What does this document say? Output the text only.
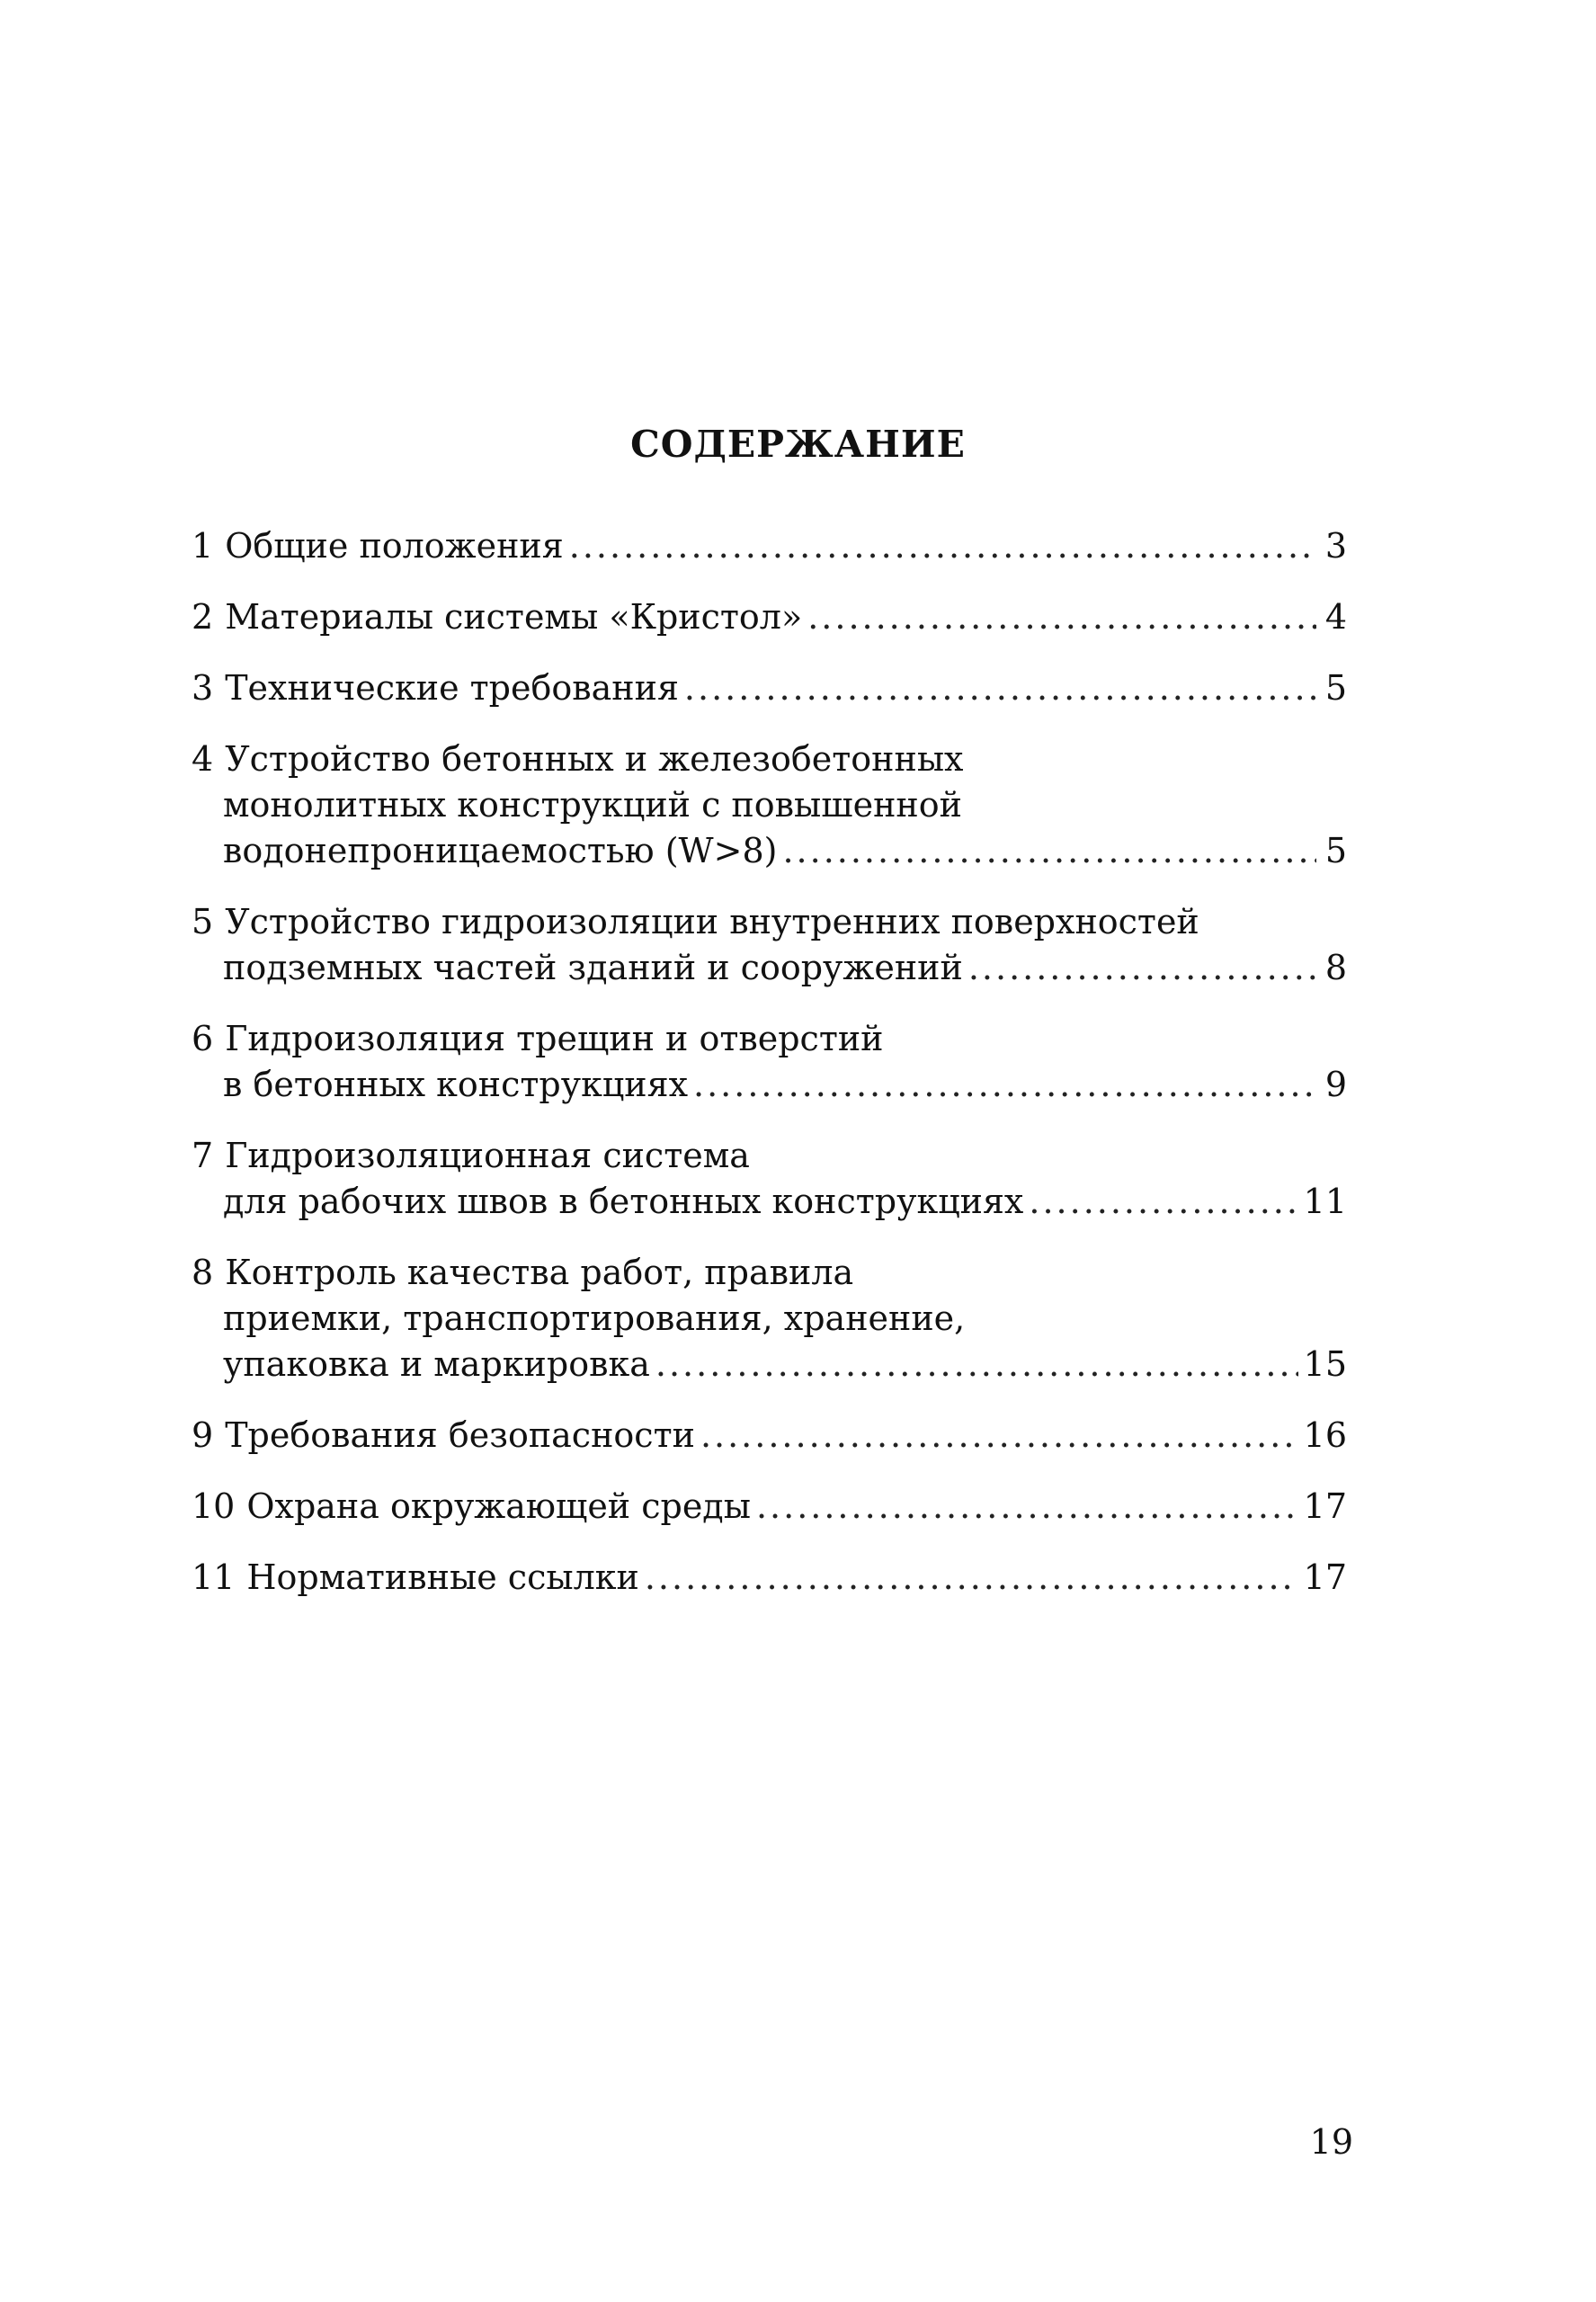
СОДЕРЖАНИЕ
1 Общие положения .....	3
2 Материалы системы «Кристол» .....	4
3 Технические требования .....	5
4 Устройство бетонных и железобетонных
монолитных конструкций с повышенной
водонепроницаемостью (W>8) .....	5
5 Устройство гидроизоляции внутренних поверхностей
подземных частей зданий и сооружений .....	8
6 Гидроизоляция трещин и отверстий
в бетонных конструкциях .....	9
7 Гидроизоляционная система
для рабочих швов в бетонных конструкциях .....	11
8 Контроль качества работ, правила
приемки, транспортирования, хранение,
упаковка и маркировка .....	15
9 Требования безопасности .....	16
10 Охрана окружающей среды .....	17
11 Нормативные ссылки .....	17

19
